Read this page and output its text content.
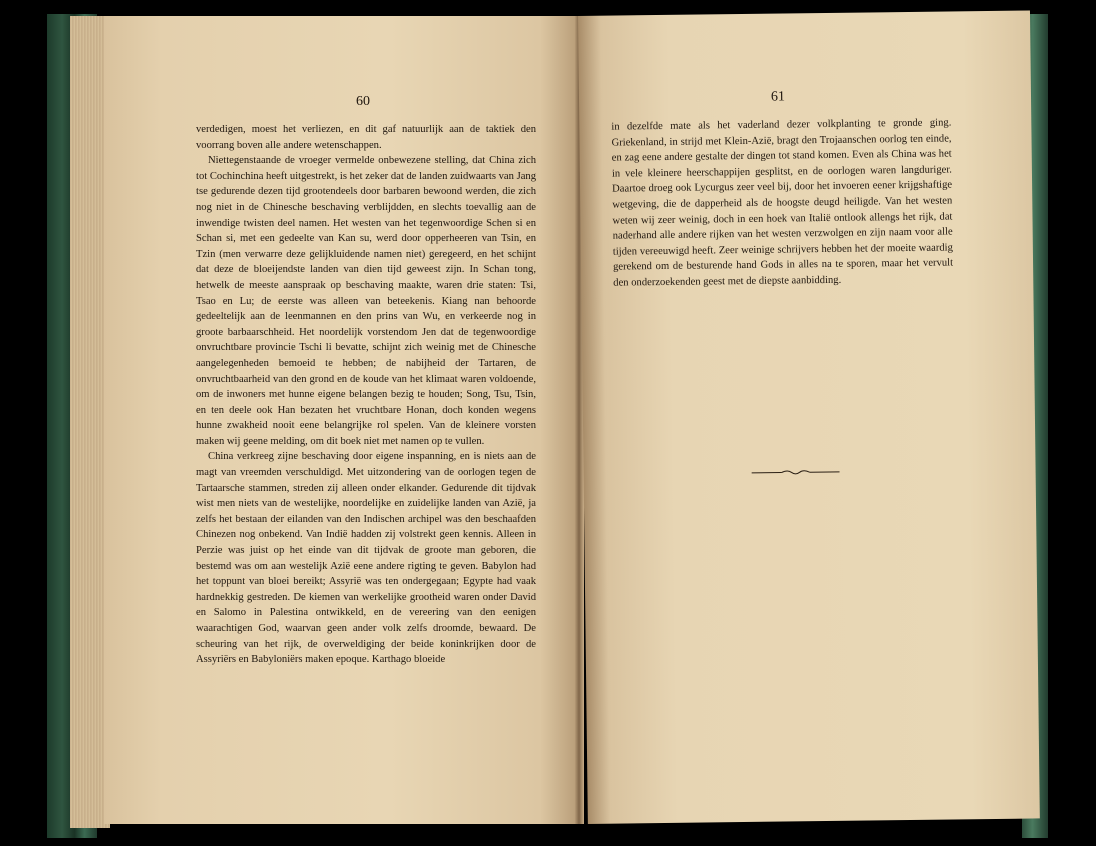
60

verdedigen, moest het verliezen, en dit gaf natuurlijk aan de taktiek den voorrang boven alle andere wetenschappen.

Niettegenstaande de vroeger vermelde onbewezene stelling, dat China zich tot Cochinchina heeft uitgestrekt, is het zeker dat de landen zuidwaarts van Jang tse gedurende dezen tijd grootendeels door barbaren bewoond werden, die zich nog niet in de Chinesche beschaving verblijdden, en slechts toevallig aan de inwendige twisten deel namen. Het westen van het tegenwoordige Schen si en Schan si, met een gedeelte van Kan su, werd door opperheeren van Tsin, en Tzin (men verwarre deze gelijkluidende namen niet) geregeerd, en het schijnt dat deze de bloeijendste landen van dien tijd geweest zijn. In Schan tong, hetwelk de meeste aanspraak op beschaving maakte, waren drie staten: Tsi, Tsao en Lu; de eerste was alleen van beteekenis. Kiang nan behoorde gedeeltelijk aan de leenmannen en den prins van Wu, en verkeerde nog in groote barbaarschheid. Het noordelijk vorstendom Jen dat de tegenwoordige onvruchtbare provincie Tschi li bevatte, schijnt zich weinig met de Chinesche aangelegenheden bemoeid te hebben; de nabijheid der Tartaren, de onvruchtbaarheid van den grond en de koude van het klimaat waren voldoende, om de inwoners met hunne eigene belangen bezig te houden; Song, Tsu, Tsin, en ten deele ook Han bezaten het vruchtbare Honan, doch konden wegens hunne zwakheid nooit eene belangrijke rol spelen. Van de kleinere vorsten maken wij geene melding, om dit boek niet met namen op te vullen.

China verkreeg zijne beschaving door eigene inspanning, en is niets aan de magt van vreemden verschuldigd. Met uitzondering van de oorlogen tegen de Tartaarsche stammen, streden zij alleen onder elkander. Gedurende dit tijdvak wist men niets van de westelijke, noordelijke en zuidelijke landen van Azië, ja zelfs het bestaan der eilanden van den Indischen archipel was den beschaafden Chinezen nog onbekend. Van Indië hadden zij volstrekt geen kennis. Alleen in Perzie was juist op het einde van dit tijdvak de groote man geboren, die bestemd was om aan westelijk Azië eene andere rigting te geven. Babylon had het toppunt van bloei bereikt; Assyrië was ten ondergegaan; Egypte had vaak hardnekkig gestreden. De kiemen van werkelijke grootheid waren onder David en Salomo in Palestina ontwikkeld, en de vereering van den eenigen waarachtigen God, waarvan geen ander volk zelfs droomde, bewaard. De scheuring van het rijk, de overweldiging der beide koninkrijken door de Assyriërs en Babyloniërs maken epoque. Karthago bloeide

61

in dezelfde mate als het vaderland dezer volkplanting te gronde ging. Griekenland, in strijd met Klein-Azië, bragt den Trojaanschen oorlog ten einde, en zag eene andere gestalte der dingen tot stand komen. Even als China was het in vele kleinere heerschappijen gesplitst, en de oorlogen waren langduriger. Daartoe droeg ook Lycurgus zeer veel bij, door het invoeren eener krijgshaftige wetgeving, die de dapperheid als de hoogste deugd heiligde. Van het westen weten wij zeer weinig, doch in een hoek van Italië ontlook allengs het rijk, dat naderhand alle andere rijken van het westen verzwolgen en zijn naam voor alle tijden vereeuwigd heeft. Zeer weinige schrijvers hebben het der moeite waardig gerekend om de besturende hand Gods in alles na te sporen, maar het vervult den onderzoekenden geest met de diepste aanbidding.
